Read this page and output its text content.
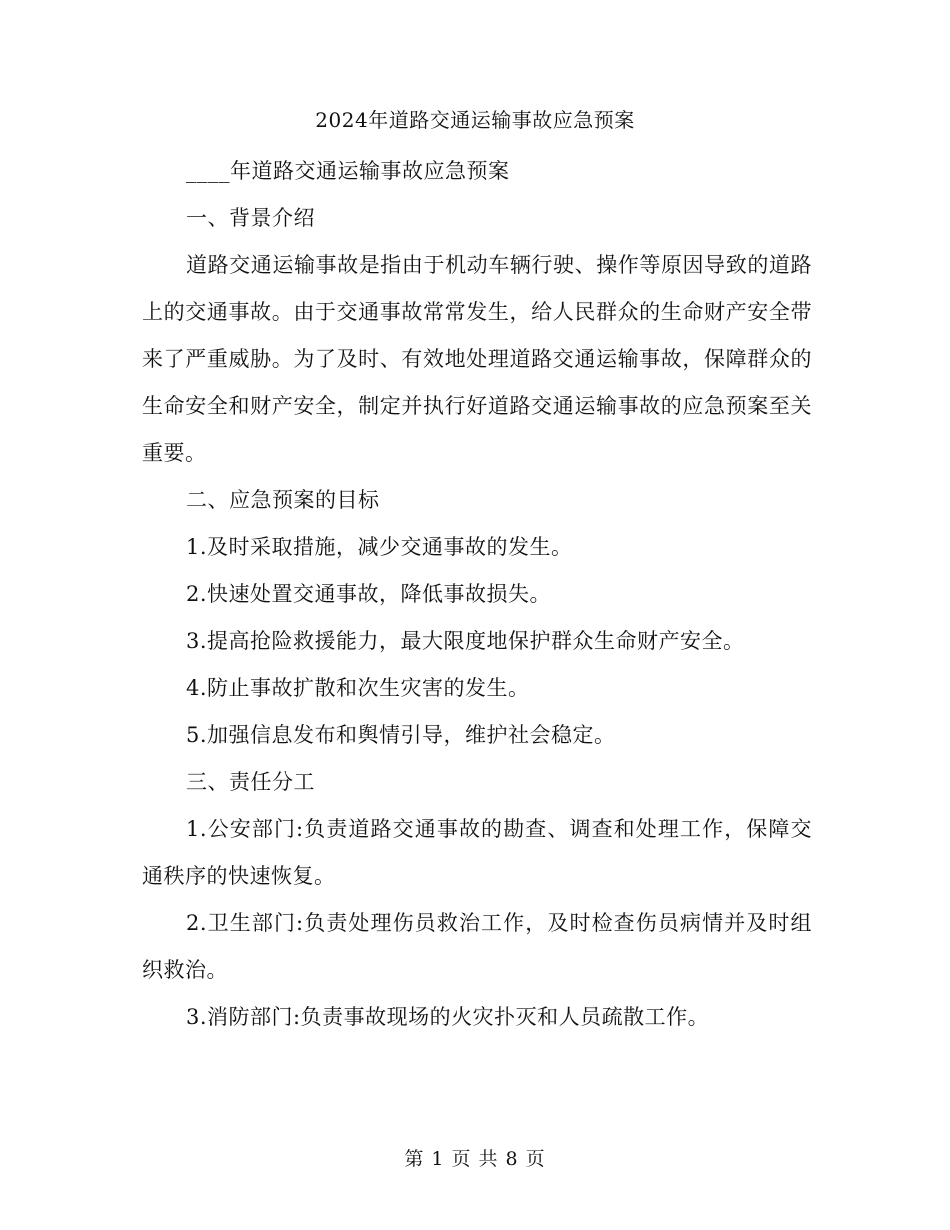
2024年道路交通运输事故应急预案

____年道路交通运输事故应急预案

一、背景介绍

道路交通运输事故是指由于机动车辆行驶、操作等原因导致的道路上的交通事故。由于交通事故常常发生，给人民群众的生命财产安全带来了严重威胁。为了及时、有效地处理道路交通运输事故，保障群众的生命安全和财产安全，制定并执行好道路交通运输事故的应急预案至关重要。

二、应急预案的目标

1.及时采取措施，减少交通事故的发生。

2.快速处置交通事故，降低事故损失。

3.提高抢险救援能力，最大限度地保护群众生命财产安全。

4.防止事故扩散和次生灾害的发生。

5.加强信息发布和舆情引导，维护社会稳定。

三、责任分工

1.公安部门:负责道路交通事故的勘查、调查和处理工作，保障交通秩序的快速恢复。

2.卫生部门:负责处理伤员救治工作，及时检查伤员病情并及时组织救治。

3.消防部门:负责事故现场的火灾扑灭和人员疏散工作。

第 1 页 共 8 页
